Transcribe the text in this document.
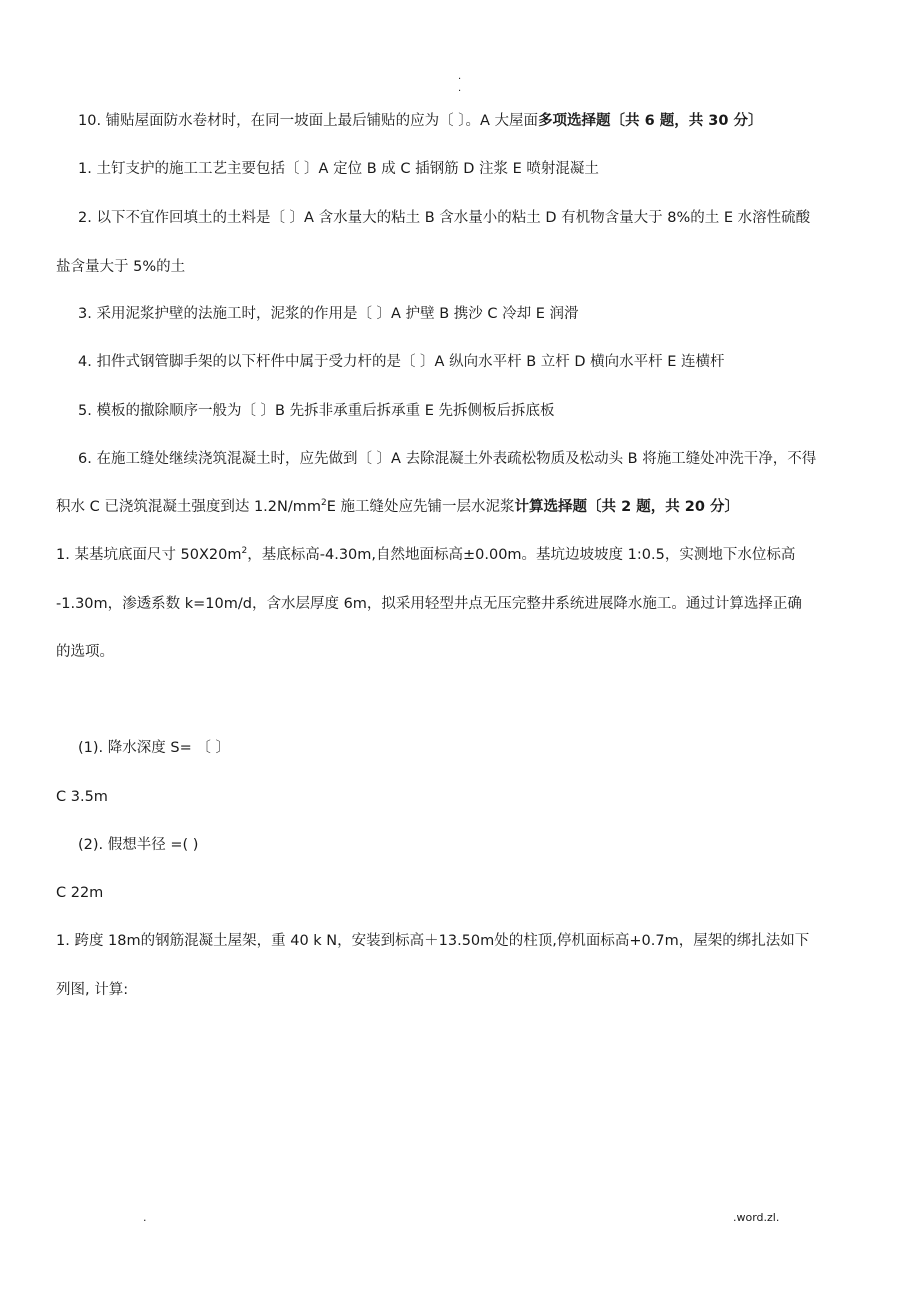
.
.
10. 铺贴屋面防水卷材时，在同一坡面上最后铺贴的应为〔 〕。A 大屋面多项选择题〔共 6 题，共 30 分〕
1. 土钉支护的施工工艺主要包括〔 〕A 定位 B 成 C 插钢筋 D 注浆 E 喷射混凝土
2. 以下不宜作回填土的土料是〔 〕A 含水量大的粘土 B 含水量小的粘土 D 有机物含量大于 8%的土 E 水溶性硫酸
盐含量大于 5%的土
3. 采用泥浆护壁的法施工时，泥浆的作用是〔 〕A 护壁 B 携沙 C 冷却 E 润滑
4. 扣件式钢管脚手架的以下杆件中属于受力杆的是〔 〕A 纵向水平杆 B 立杆 D 横向水平杆 E 连横杆
5. 模板的撤除顺序一般为〔 〕B 先拆非承重后拆承重 E 先拆侧板后拆底板
6. 在施工缝处继续浇筑混凝土时，应先做到〔 〕A 去除混凝土外表疏松物质及松动头 B 将施工缝处冲洗干净，不得
积水 C 已浇筑混凝土强度到达 $1.2N/mm^2E$ 施工缝处应先铺一层水泥浆计算选择题〔共 2 题，共 20 分〕
1. 某基坑底面尺寸 $50X20m^2$，基底标高-4.30m,自然地面标高±0.00m。基坑边坡坡度 1:0.5，实测地下水位标高
-1.30m，渗透系数 k=10m/d，含水层厚度 6m，拟采用轻型井点无压完整井系统进展降水施工。通过计算选择正确
的选项。
(1). 降水深度 S= 〔 〕
C 3.5m
(2). 假想半径 =( )
C 22m
1. 跨度 18m的钢筋混凝土屋架，重 40 k N，安装到标高＋13.50m处的柱顶,停机面标高+0.7m，屋架的绑扎法如下
列图, 计算:
.	.word.zl.
